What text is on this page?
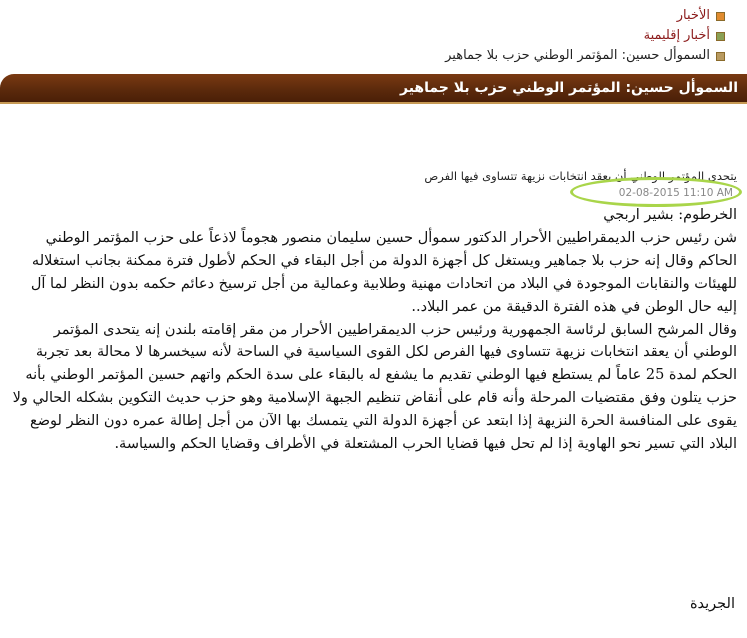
الأخبار
أخبار إقليمية
السموأل حسين: المؤتمر الوطني حزب بلا جماهير
السموأل حسين: المؤتمر الوطني حزب بلا جماهير
يتحدى المؤتمر الوطني أن يعقد انتخابات نزيهة تتساوى فيها الفرص
02-08-2015 11:10 AM

الخرطوم: بشير اربجي

شن رئيس حزب الديمقراطيين الأحرار الدكتور سموأل حسين سليمان منصور هجوماً لاذعاً على حزب المؤتمر الوطني الحاكم وقال إنه حزب بلا جماهير ويستغل كل أجهزة الدولة من أجل البقاء في الحكم لأطول فترة ممكنة بجانب استغلاله للهيئات والنقابات الموجودة في البلاد من اتحادات مهنية وطلابية وعمالية من أجل ترسيخ دعائم حكمه بدون النظر لما آل إليه حال الوطن في هذه الفترة الدقيقة من عمر البلاد..

وقال المرشح السابق لرئاسة الجمهورية ورئيس حزب الديمقراطيين الأحرار من مقر إقامته بلندن إنه يتحدى المؤتمر الوطني أن يعقد انتخابات نزيهة تتساوى فيها الفرص لكل القوى السياسية في الساحة لأنه سيخسرها لا محالة بعد تجربة الحكم لمدة 25 عاماً لم يستطع فيها الوطني تقديم ما يشفع له بالبقاء على سدة الحكم واتهم حسين المؤتمر الوطني بأنه حزب يتلون وفق مقتضيات المرحلة وأنه قام على أنقاض تنظيم الجبهة الإسلامية وهو حزب حديث التكوين بشكله الحالي ولا يقوى على المنافسة الحرة النزيهة إذا ابتعد عن أجهزة الدولة التي يتمسك بها الآن من أجل إطالة عمره دون النظر لوضع البلاد التي تسير نحو الهاوية إذا لم تحل فيها قضايا الحرب المشتعلة في الأطراف وقضايا الحكم والسياسة.

الجريدة
